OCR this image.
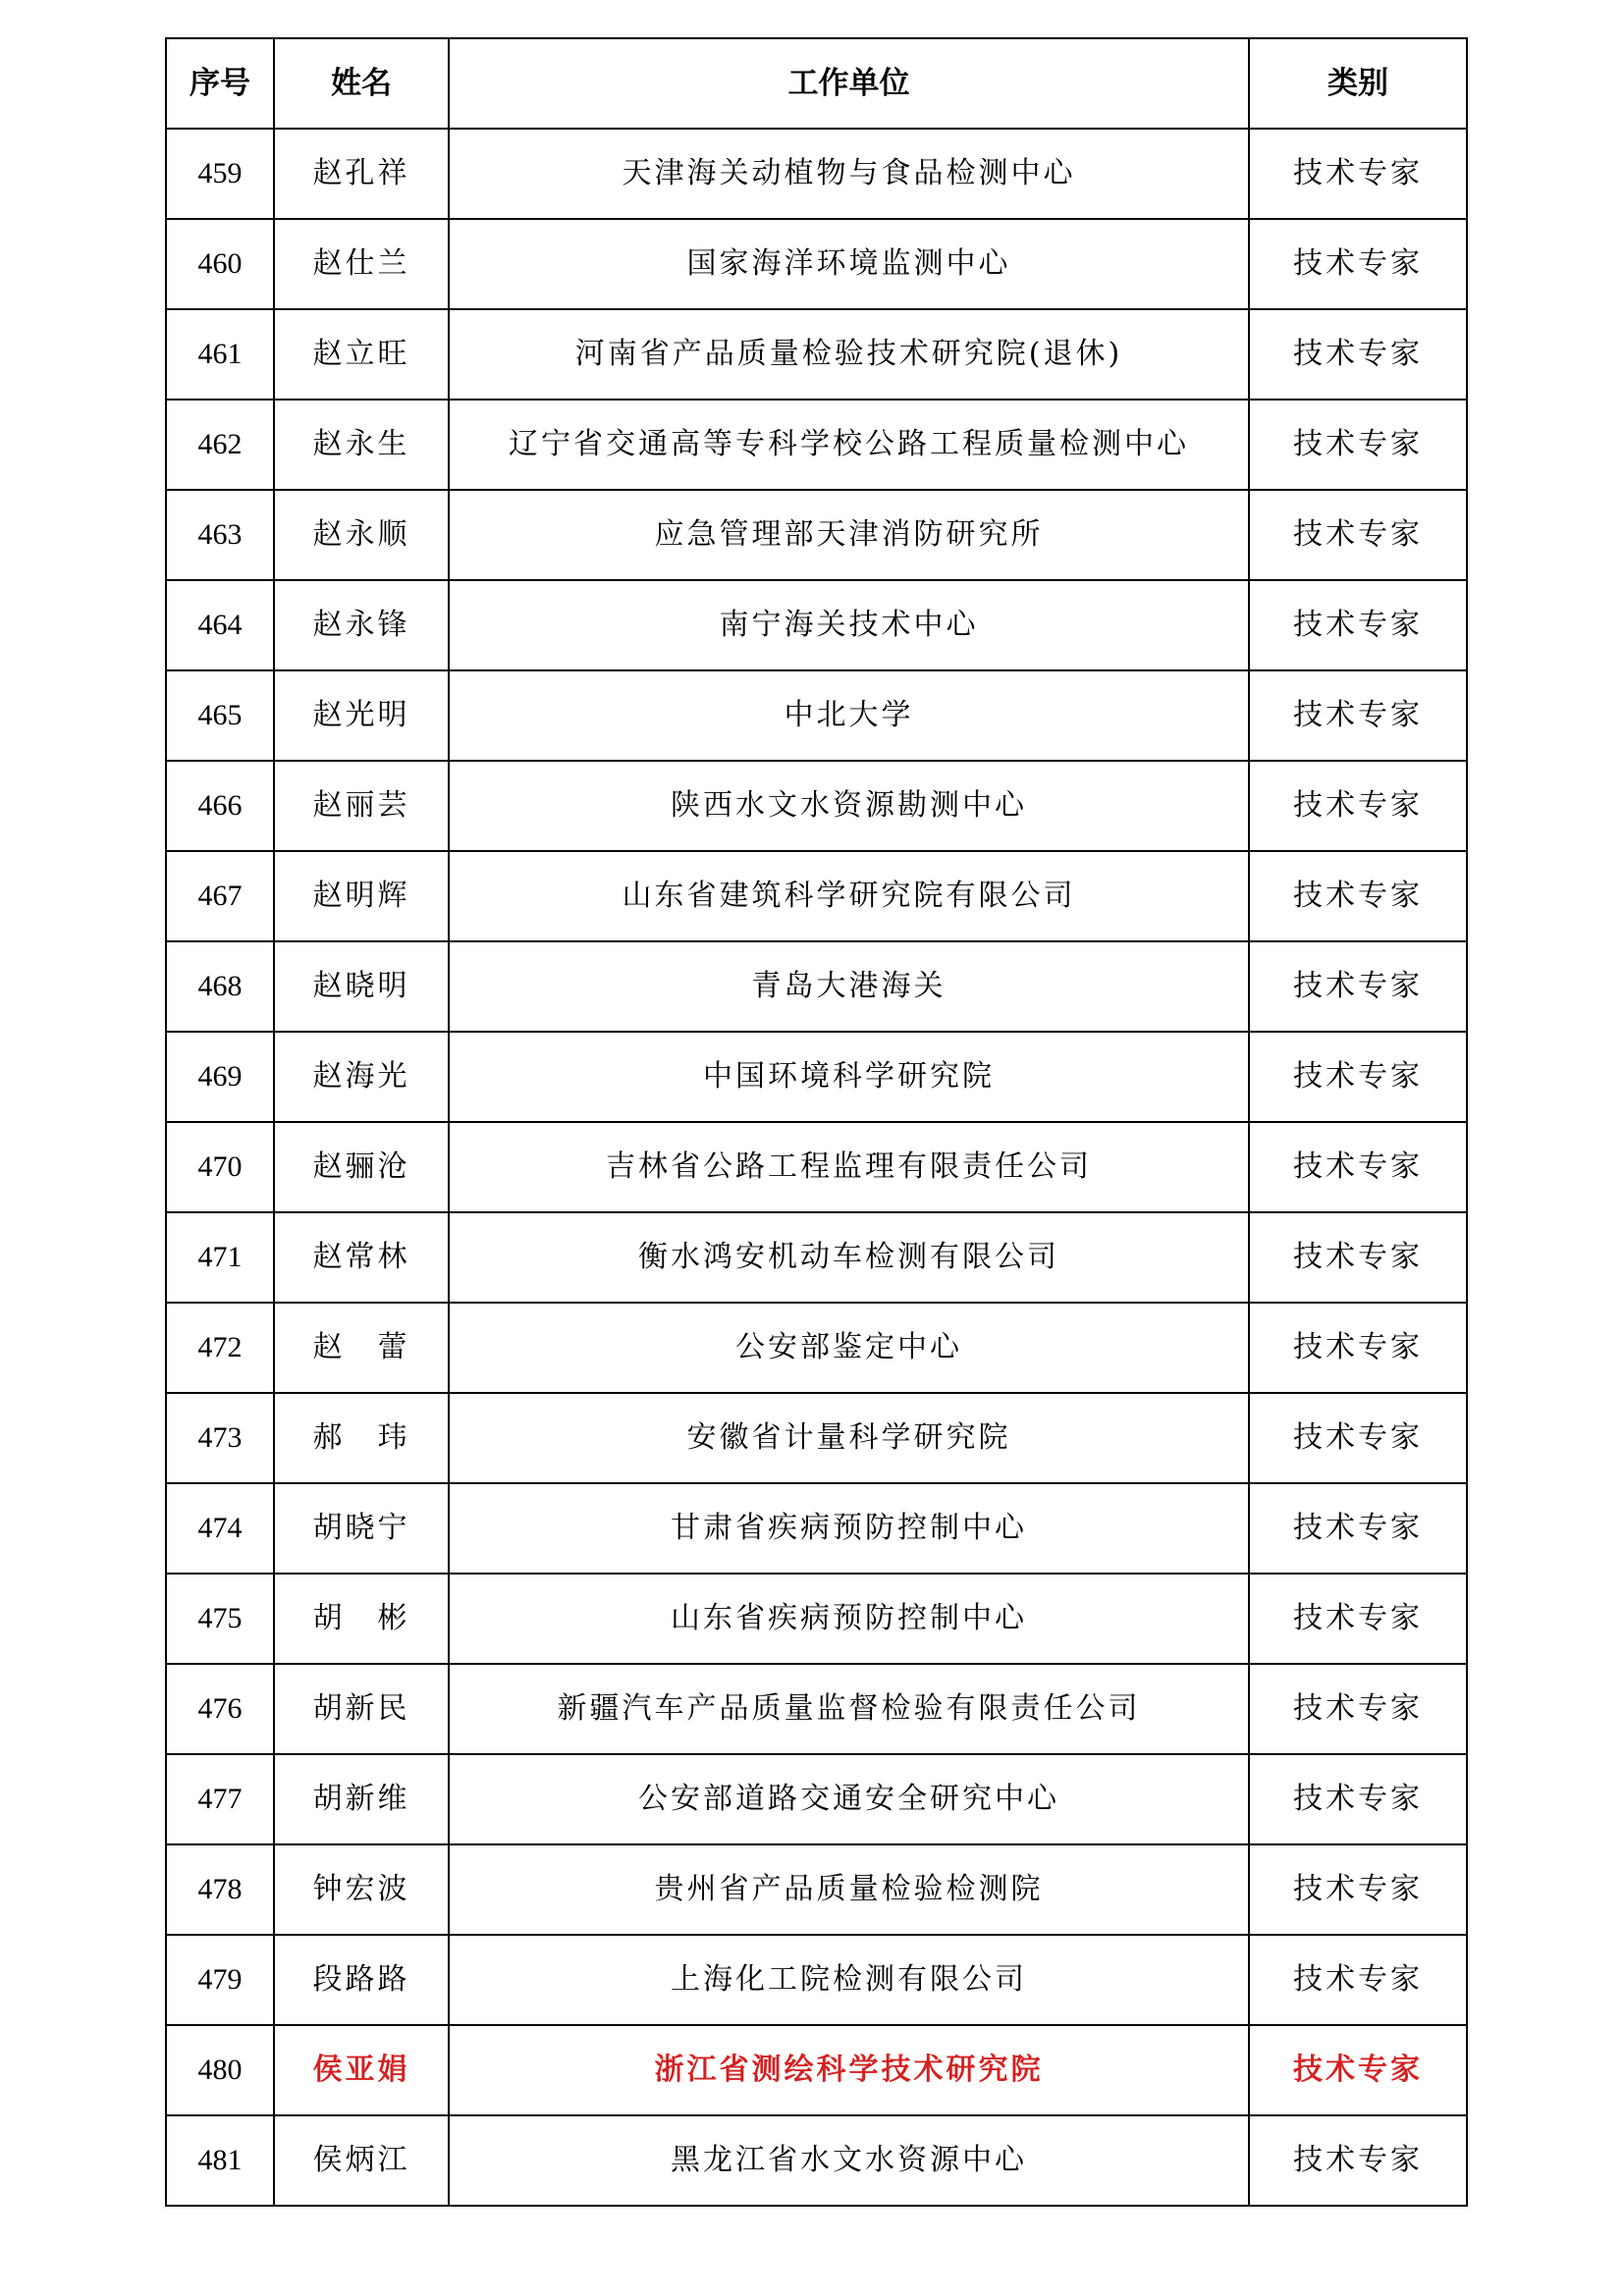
序号	姓名	工作单位	类别
459	赵孔祥	天津海关动植物与食品检测中心	技术专家
460	赵仕兰	国家海洋环境监测中心	技术专家
461	赵立旺	河南省产品质量检验技术研究院(退休)	技术专家
462	赵永生	辽宁省交通高等专科学校公路工程质量检测中心	技术专家
463	赵永顺	应急管理部天津消防研究所	技术专家
464	赵永锋	南宁海关技术中心	技术专家
465	赵光明	中北大学	技术专家
466	赵丽芸	陕西水文水资源勘测中心	技术专家
467	赵明辉	山东省建筑科学研究院有限公司	技术专家
468	赵晓明	青岛大港海关	技术专家
469	赵海光	中国环境科学研究院	技术专家
470	赵骊沧	吉林省公路工程监理有限责任公司	技术专家
471	赵常林	衡水鸿安机动车检测有限公司	技术专家
472	赵　蕾	公安部鉴定中心	技术专家
473	郝　玮	安徽省计量科学研究院	技术专家
474	胡晓宁	甘肃省疾病预防控制中心	技术专家
475	胡　彬	山东省疾病预防控制中心	技术专家
476	胡新民	新疆汽车产品质量监督检验有限责任公司	技术专家
477	胡新维	公安部道路交通安全研究中心	技术专家
478	钟宏波	贵州省产品质量检验检测院	技术专家
479	段路路	上海化工院检测有限公司	技术专家
480	侯亚娟	浙江省测绘科学技术研究院	技术专家
481	侯炳江	黑龙江省水文水资源中心	技术专家
